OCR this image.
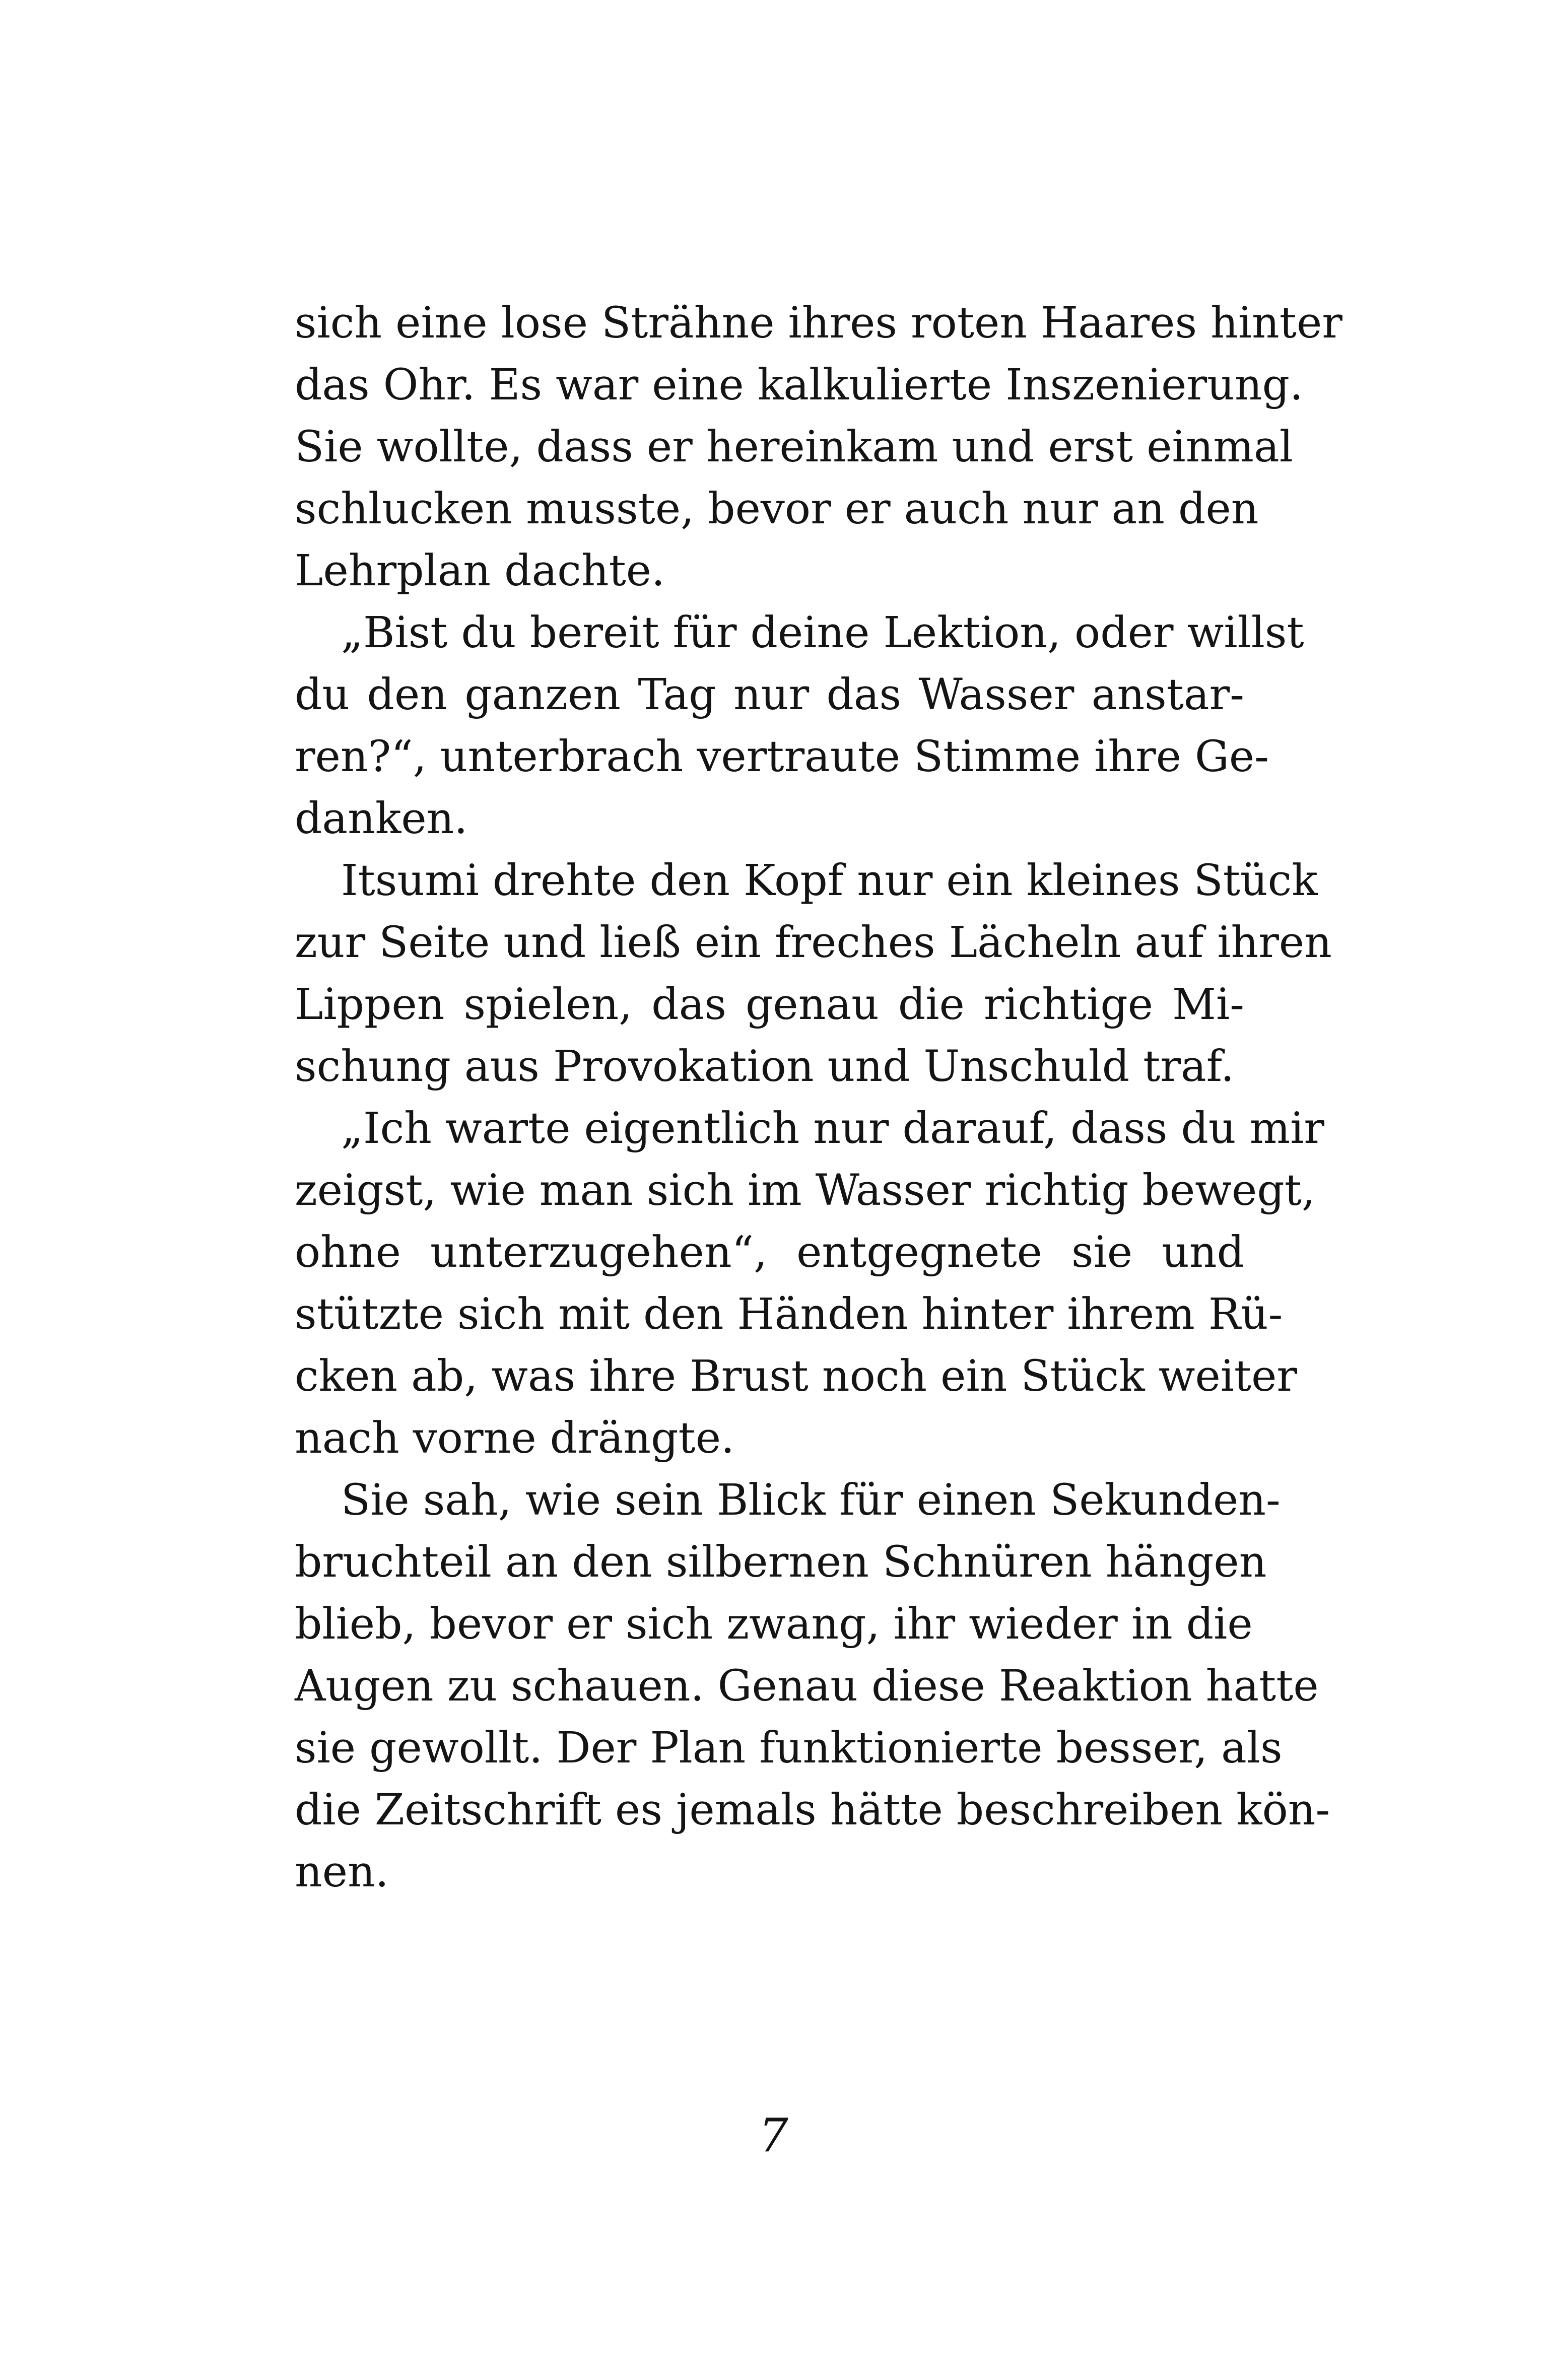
sich eine lose Strähne ihres roten Haares hinter
das Ohr. Es war eine kalkulierte Inszenierung.
Sie wollte, dass er hereinkam und erst einmal
schlucken musste, bevor er auch nur an den
Lehrplan dachte.
„Bist du bereit für deine Lektion, oder willst
du den ganzen Tag nur das Wasser anstar-
ren?“, unterbrach vertraute Stimme ihre Ge-
danken.
Itsumi drehte den Kopf nur ein kleines Stück
zur Seite und ließ ein freches Lächeln auf ihren
Lippen spielen, das genau die richtige Mi-
schung aus Provokation und Unschuld traf.
„Ich warte eigentlich nur darauf, dass du mir
zeigst, wie man sich im Wasser richtig bewegt,
ohne unterzugehen“, entgegnete sie und
stützte sich mit den Händen hinter ihrem Rü-
cken ab, was ihre Brust noch ein Stück weiter
nach vorne drängte.
Sie sah, wie sein Blick für einen Sekunden-
bruchteil an den silbernen Schnüren hängen
blieb, bevor er sich zwang, ihr wieder in die
Augen zu schauen. Genau diese Reaktion hatte
sie gewollt. Der Plan funktionierte besser, als
die Zeitschrift es jemals hätte beschreiben kön-
nen.
7
